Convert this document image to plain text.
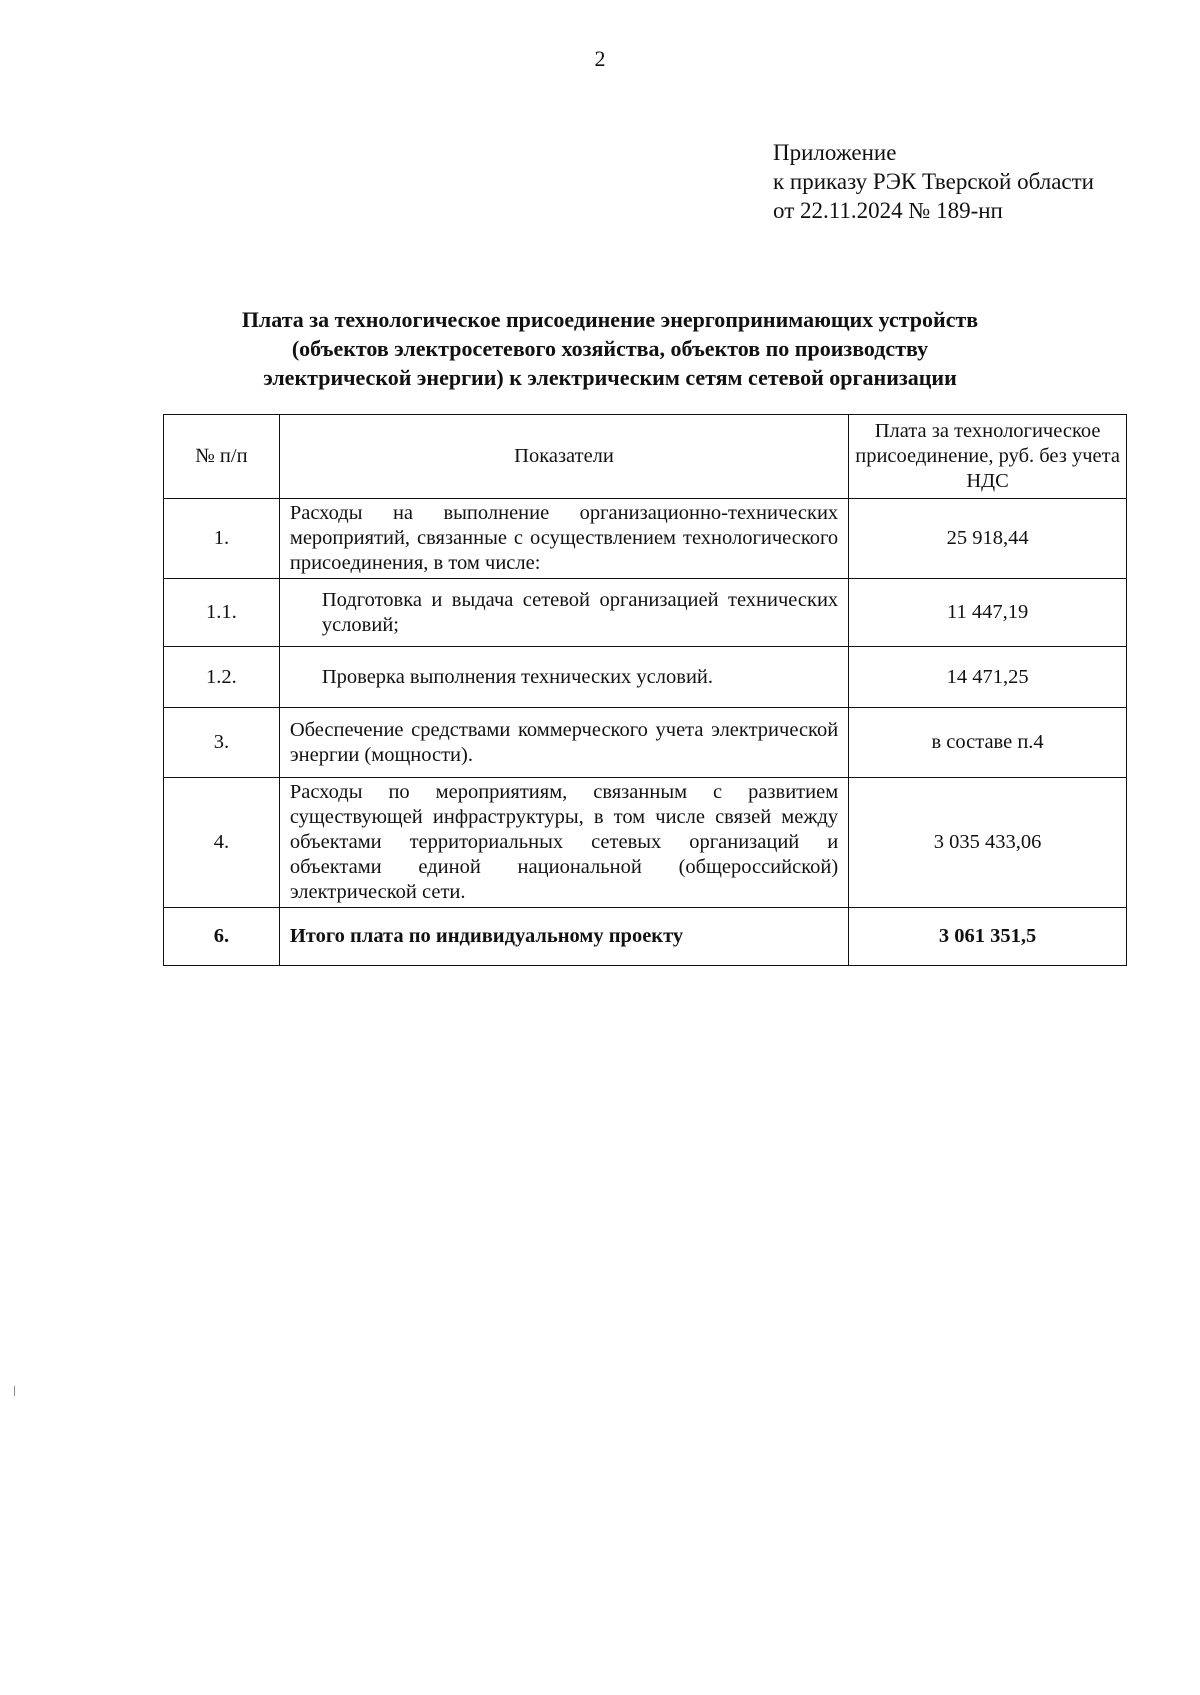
2
Приложение
к приказу РЭК Тверской области
от 22.11.2024 № 189-нп
Плата за технологическое присоединение энергопринимающих устройств
(объектов электросетевого хозяйства, объектов по производству
электрической энергии) к электрическим сетям сетевой организации
№ п/п	Показатели	Плата за технологическое присоединение, руб. без учета НДС
1.	Расходы на выполнение организационно-технических мероприятий, связанные с осуществлением технологического присоединения, в том числе:	25 918,44
1.1.	Подготовка и выдача сетевой организацией технических условий;	11 447,19
1.2.	Проверка выполнения технических условий.	14 471,25
3.	Обеспечение средствами коммерческого учета электрической энергии (мощности).	в составе п.4
4.	Расходы по мероприятиям, связанным с развитием существующей инфраструктуры, в том числе связей между объектами территориальных сетевых организаций и объектами единой национальной (общероссийской) электрической сети.	3 035 433,06
6.	Итого плата по индивидуальному проекту	3 061 351,5
